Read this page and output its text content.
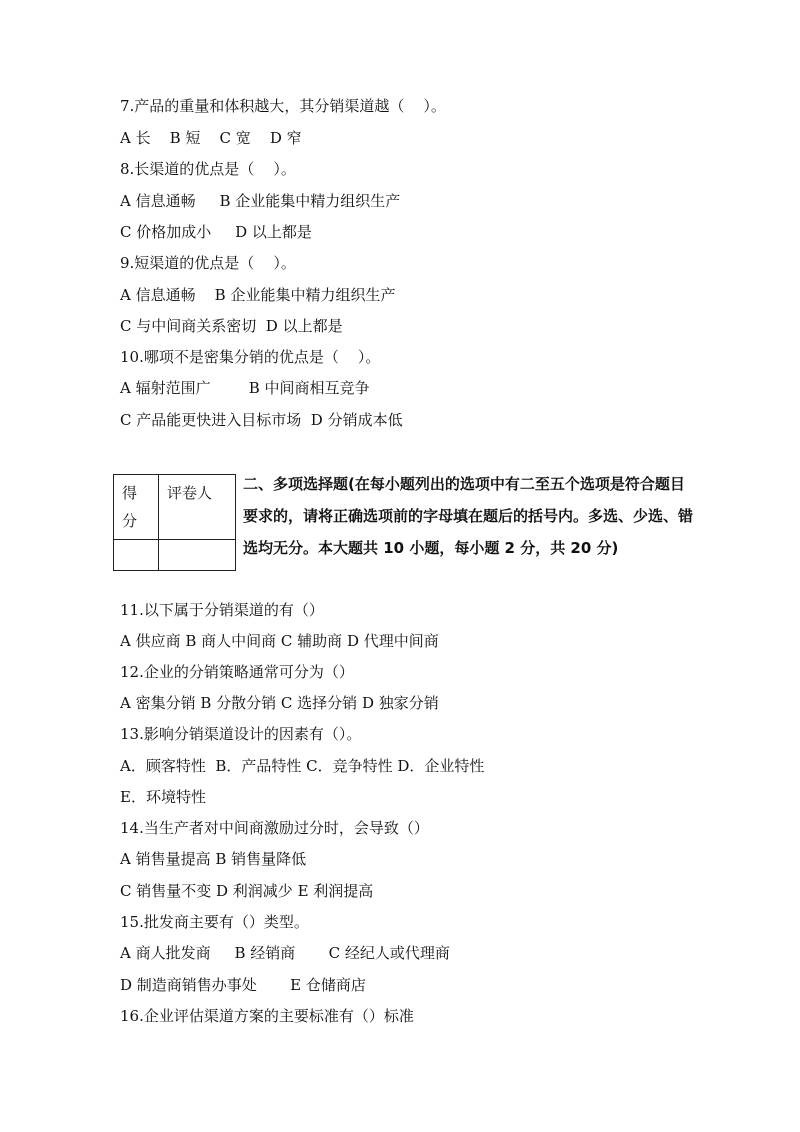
7.产品的重量和体积越大，其分销渠道越（    ）。
A 长    B 短    C 宽    D 窄
8.长渠道的优点是（    ）。
A 信息通畅     B 企业能集中精力组织生产
C 价格加成小     D 以上都是
9.短渠道的优点是（    ）。
A 信息通畅    B 企业能集中精力组织生产
C 与中间商关系密切  D 以上都是
10.哪项不是密集分销的优点是（    ）。
A 辐射范围广        B 中间商相互竞争
C 产品能更快进入目标市场  D 分销成本低
得分	评卷人
	二、多项选择题(在每小题列出的选项中有二至五个选项是符合题目要求的，请将正确选项前的字母填在题后的括号内。多选、少选、错选均无分。本大题共 10 小题，每小题 2 分，共 20 分)
11.以下属于分销渠道的有（）
A 供应商 B 商人中间商 C 辅助商 D 代理中间商
12.企业的分销策略通常可分为（）
A 密集分销 B 分散分销 C 选择分销 D 独家分销
13.影响分销渠道设计的因素有（）。
A．顾客特性  B．产品特性 C．竞争特性 D．企业特性
E．环境特性
14.当生产者对中间商激励过分时，会导致（）
A 销售量提高 B 销售量降低
C 销售量不变 D 利润减少 E 利润提高
15.批发商主要有（）类型。
A 商人批发商     B 经销商       C 经纪人或代理商
D 制造商销售办事处       E 仓储商店
16.企业评估渠道方案的主要标准有（）标准
